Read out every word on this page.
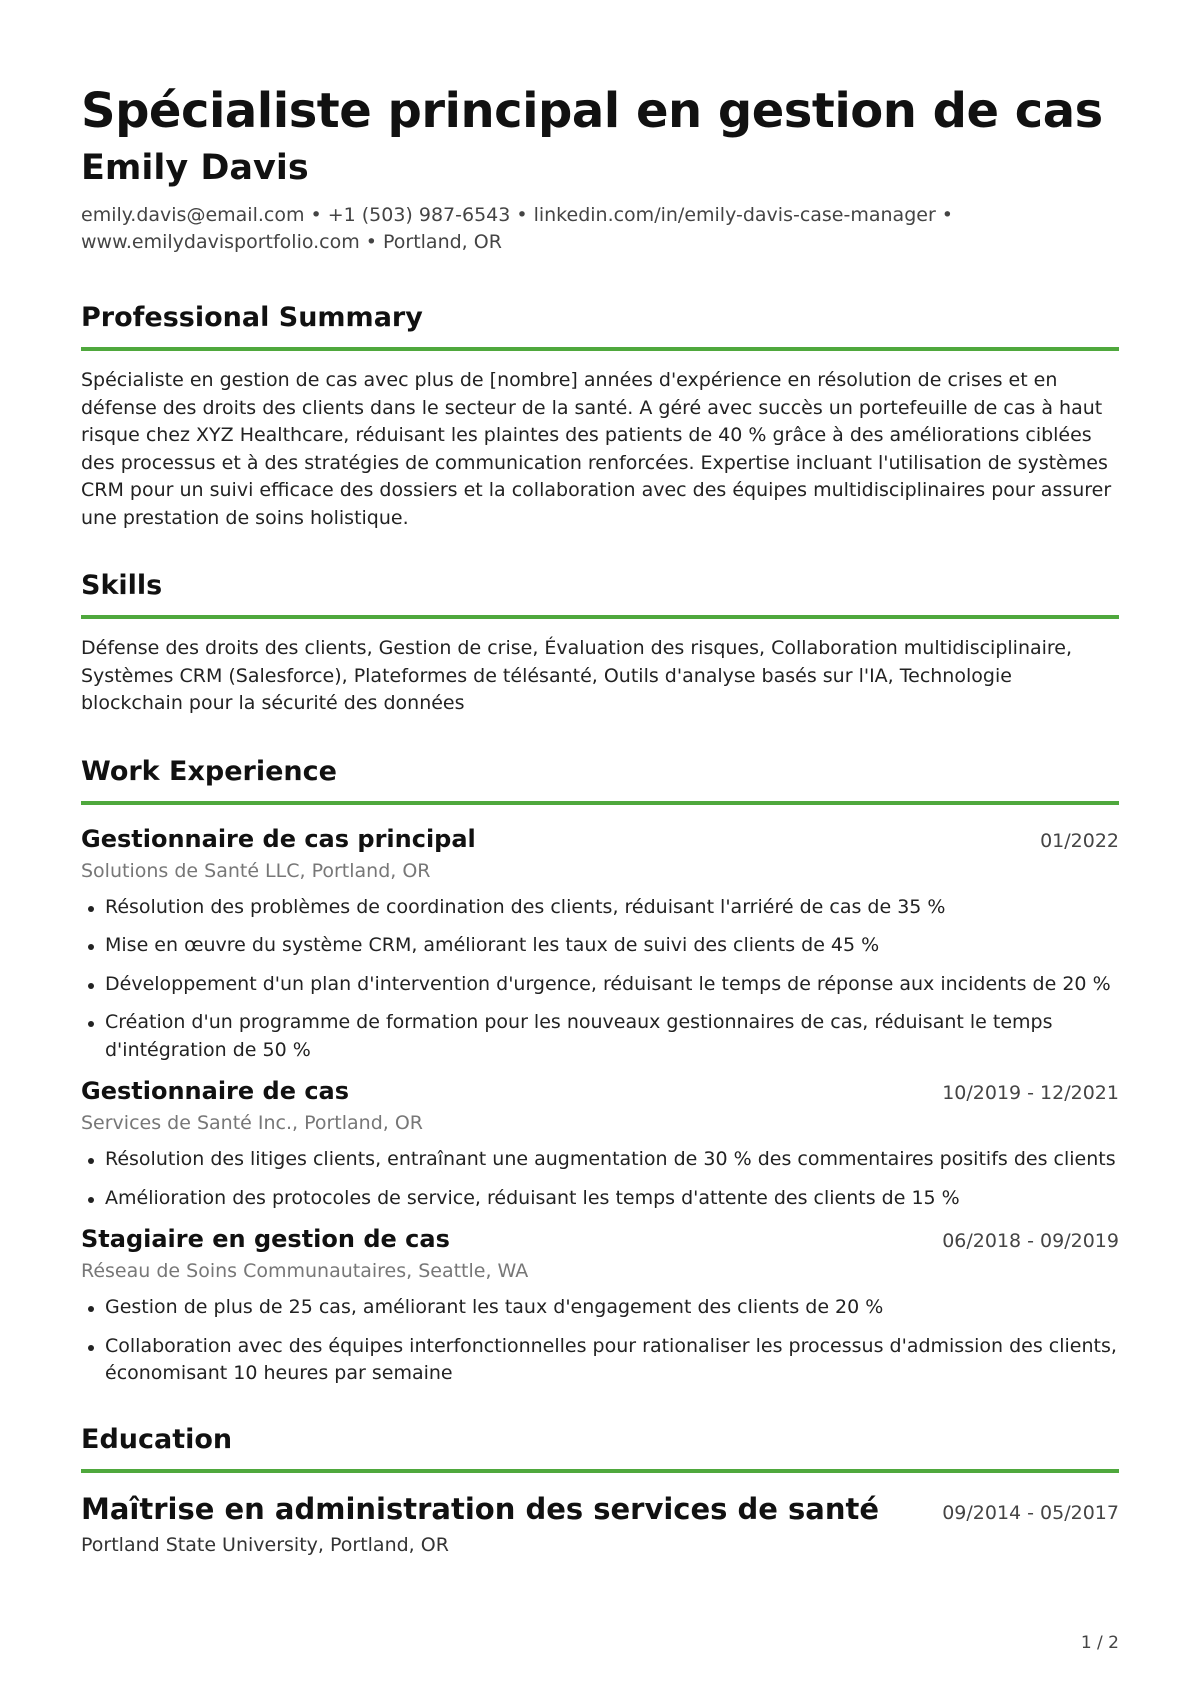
Spécialiste principal en gestion de cas
Emily Davis
emily.davis@email.com • +1 (503) 987-6543 • linkedin.com/in/emily-davis-case-manager •
www.emilydavisportfolio.com • Portland, OR
Professional Summary

Spécialiste en gestion de cas avec plus de [nombre] années d'expérience en résolution de crises et en défense des droits des clients dans le secteur de la santé. A géré avec succès un portefeuille de cas à haut risque chez XYZ Healthcare, réduisant les plaintes des patients de 40 % grâce à des améliorations ciblées des processus et à des stratégies de communication renforcées. Expertise incluant l'utilisation de systèmes CRM pour un suivi efficace des dossiers et la collaboration avec des équipes multidisciplinaires pour assurer une prestation de soins holistique.

Skills

Défense des droits des clients, Gestion de crise, Évaluation des risques, Collaboration multidisciplinaire, Systèmes CRM (Salesforce), Plateformes de télésanté, Outils d'analyse basés sur l'IA, Technologie blockchain pour la sécurité des données

Work Experience
Gestionnaire de cas principal	01/2022
Solutions de Santé LLC, Portland, OR
Résolution des problèmes de coordination des clients, réduisant l'arriéré de cas de 35 %
Mise en œuvre du système CRM, améliorant les taux de suivi des clients de 45 %
Développement d'un plan d'intervention d'urgence, réduisant le temps de réponse aux incidents de 20 %
Création d'un programme de formation pour les nouveaux gestionnaires de cas, réduisant le temps d'intégration de 50 %
Gestionnaire de cas	10/2019 - 12/2021
Services de Santé Inc., Portland, OR
Résolution des litiges clients, entraînant une augmentation de 30 % des commentaires positifs des clients
Amélioration des protocoles de service, réduisant les temps d'attente des clients de 15 %
Stagiaire en gestion de cas	06/2018 - 09/2019
Réseau de Soins Communautaires, Seattle, WA
Gestion de plus de 25 cas, améliorant les taux d'engagement des clients de 20 %
Collaboration avec des équipes interfonctionnelles pour rationaliser les processus d'admission des clients, économisant 10 heures par semaine
Education
Maîtrise en administration des services de santé	09/2014 - 05/2017
Portland State University, Portland, OR
1 / 2
